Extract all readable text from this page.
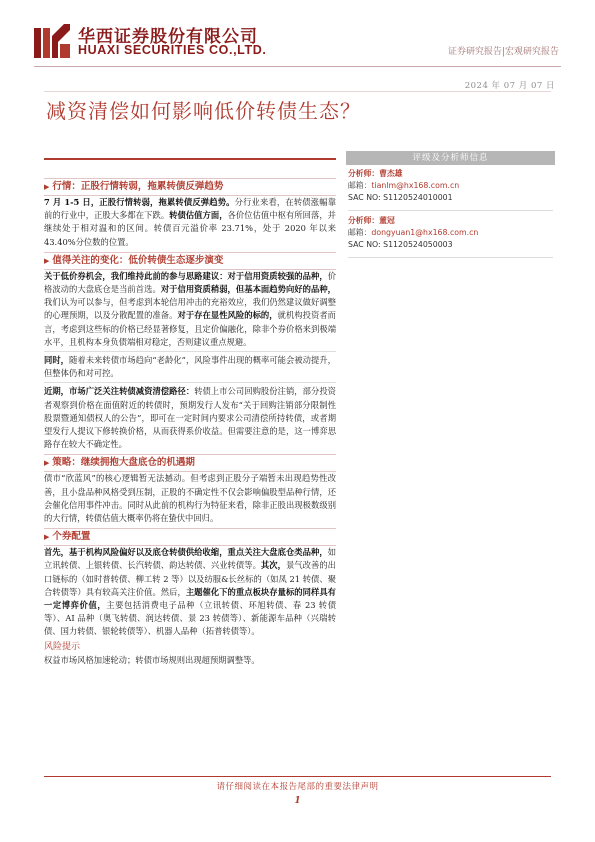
华西证券股份有限公司
HUAXI SECURITIES CO.,LTD.	证券研究报告|宏观研究报告
2024 年 07 月 07 日
减资清偿如何影响低价转债生态？
▶ 行情：正股行情转弱，拖累转债反弹趋势

7 月 1-5 日，正股行情转弱，拖累转债反弹趋势。分行业来看，在转债涨幅靠前的行业中，正股大多都在下跌。转债估值方面，各价位估值中枢有所回落，并继续处于相对温和的区间。转债百元溢价率 23.71%，处于 2020 年以来 43.40%分位数的位置。

▶ 值得关注的变化：低价转债生态逐步演变

关于低价券机会，我们维持此前的参与思路建议：对于信用资质较强的品种，价格波动的大盘底仓是当前首选。对于信用资质稍弱，但基本面趋势向好的品种，我们认为可以参与，但考虑到本轮信用冲击的充裕效应，我们仍然建议做好调整的心理预期，以及分散配置的准备。对于存在显性风险的标的，就机构投资者而言，考虑到这些标的价格已经显著修复，且定价偏融化，除非个券价格来到极端水平，且机构本身负债端相对稳定，否则建议重点规避。

同时，随着未来转债市场趋向“老龄化”，风险事件出现的概率可能会被动提升，但整体仍和对可控。

近期，市场广泛关注转债减资清偿路径：转债上市公司回购股份注销，部分投资者观察到价格在面值附近的转债时，预期发行人发布“关于回购注销部分限制性股票暨通知债权人的公告”，即可在一定时间内要求公司清偿所持转债，或者期望发行人提议下修转换价格，从而获得系价收益。但需要注意的是，这一博弈思路存在较大不确定性。

▶ 策略：继续拥抱大盘底仓的机遇期

债市“欣蓝风”的核心逻辑暂无法撼动。但考虑到正股分子端暂未出现趋势性改善，且小盘品种风格受到压制，正股的不确定性不仅会影响偏股型品种行情，还会催化信用事件冲击。同时从此前的机构行为特征来看，除非正股出现极数级别的大行情，转债估值大概率仍将在蛰伏中回归。

▶ 个券配置

首先，基于机构风险偏好以及底仓转债供给收缩，重点关注大盘底仓类品种，如立讯转债、上银转债、长汽转债、韵达转债、兴业转债等。其次，景气改善的出口链标的（如时普转债、柳工转 2 等）以及纺服&长丝标的（如凤 21 转债、聚合转债等）具有较高关注价值。然后，主题催化下的重点板块存量标的同样具有一定博弈价值，主要包括消费电子品种（立讯转债、环旭转债、春 23 转债等）、AI 品种（奥飞转债、润达转债、景 23 转债等）、新能源车品种（兴瑞转债、国力转债、银轮转债等）、机器人品种（拓普转债等）。

风险提示

权益市场风格加速轮动；转债市场规则出现超预期调整等。

评级及分析师信息
分析师：曹杰雄
邮箱：tianlm@hx168.com.cn
SAC NO: S1120524010001
分析师：董冠
邮箱：dongyuan1@hx168.com.cn
SAC NO: S1120524050003
请仔细阅读在本报告尾部的重要法律声明
1
